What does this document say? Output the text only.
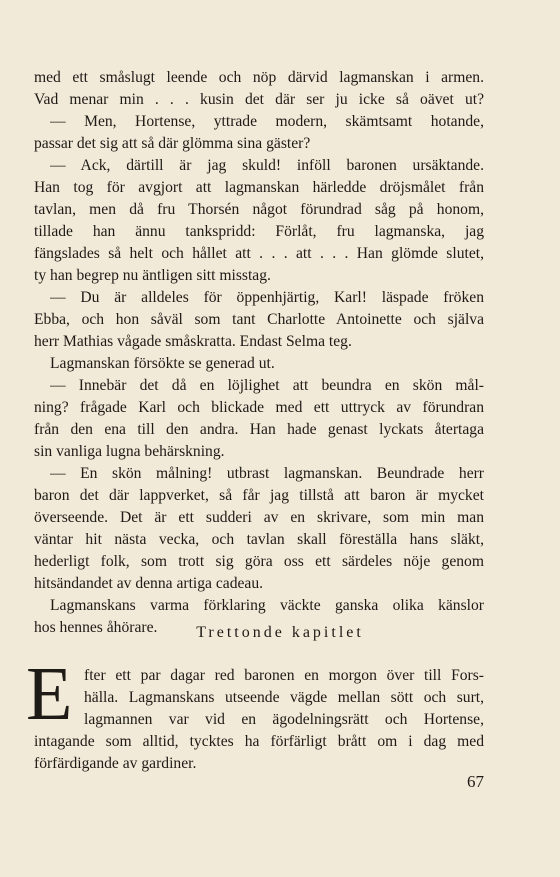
med ett småslugt leende och nöp därvid lagmanskan i armen.
Vad menar min . . . kusin det där ser ju icke så oävet ut?
— Men, Hortense, yttrade modern, skämtsamt hotande,
passar det sig att så där glömma sina gäster?
— Ack, därtill är jag skuld! inföll baronen ursäktande.
Han tog för avgjort att lagmanskan härledde dröjsmålet från
tavlan, men då fru Thorsén något förundrad såg på honom,
tillade han ännu tankspridd: Förlåt, fru lagmanska, jag
fängslades så helt och hållet att . . . att . . . Han glömde slutet,
ty han begrep nu äntligen sitt misstag.
— Du är alldeles för öppenhjärtig, Karl! läspade fröken
Ebba, och hon såväl som tant Charlotte Antoinette och själva
herr Mathias vågade småskratta. Endast Selma teg.
Lagmanskan försökte se generad ut.
— Innebär det då en löjlighet att beundra en skön mål-
ning? frågade Karl och blickade med ett uttryck av förundran
från den ena till den andra. Han hade genast lyckats återtaga
sin vanliga lugna behärskning.
— En skön målning! utbrast lagmanskan. Beundrade herr
baron det där lappverket, så får jag tillstå att baron är mycket
överseende. Det är ett sudderi av en skrivare, som min man
väntar hit nästa vecka, och tavlan skall föreställa hans släkt,
hederligt folk, som trott sig göra oss ett särdeles nöje genom
hitsändandet av denna artiga cadeau.
Trettonde kapitlet
E fter ett par dagar red baronen en morgon över till Fors-
hälla. Lagmanskans utseende vägde mellan sött och surt,
lagmannen var vid en ägodelningsrätt och Hortense,
intagande som alltid, tycktes ha förfärligt brått om i dag med
förfärdigande av gardiner.
67
Lagmanskans varma förklaring väckte ganska olika känslor
hos hennes åhörare.
